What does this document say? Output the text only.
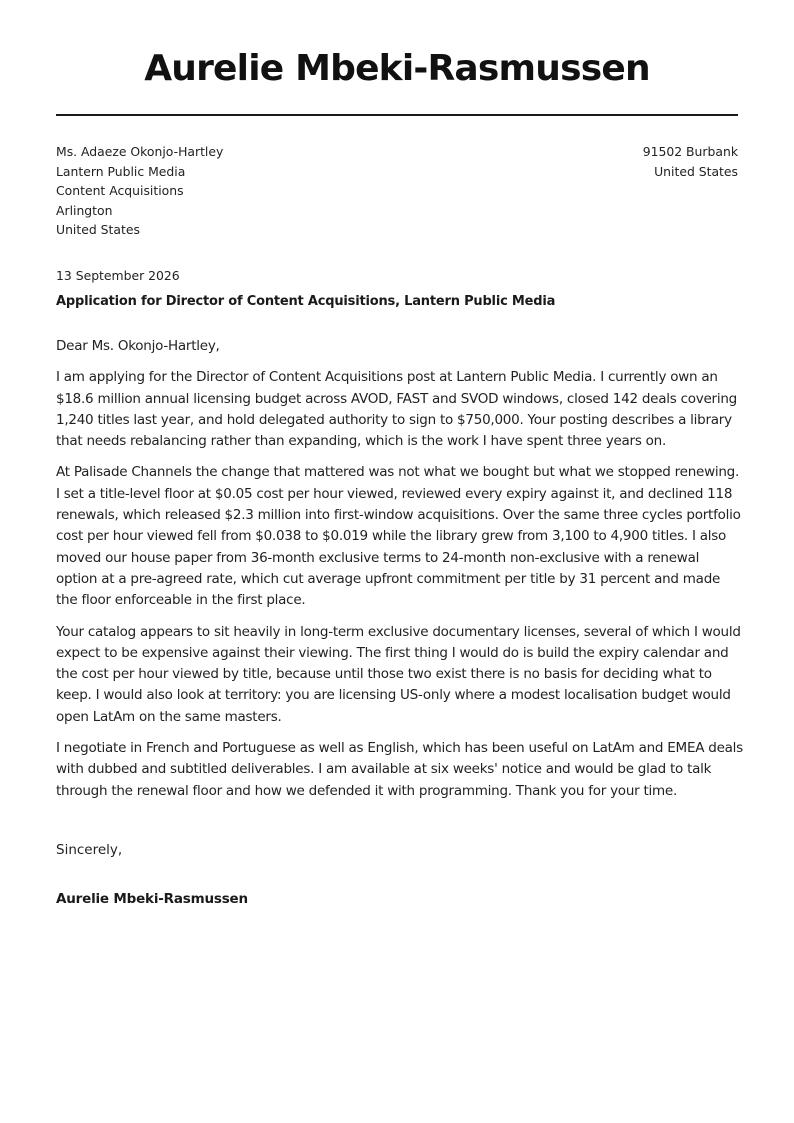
Aurelie Mbeki-Rasmussen
Ms. Adaeze Okonjo-Hartley
Lantern Public Media
Content Acquisitions
Arlington
United States
91502 Burbank
United States
13 September 2026
Application for Director of Content Acquisitions, Lantern Public Media

Dear Ms. Okonjo-Hartley,

I am applying for the Director of Content Acquisitions post at Lantern Public Media. I currently own an $18.6 million annual licensing budget across AVOD, FAST and SVOD windows, closed 142 deals covering 1,240 titles last year, and hold delegated authority to sign to $750,000. Your posting describes a library that needs rebalancing rather than expanding, which is the work I have spent three years on.

At Palisade Channels the change that mattered was not what we bought but what we stopped renewing. I set a title-level floor at $0.05 cost per hour viewed, reviewed every expiry against it, and declined 118 renewals, which released $2.3 million into first-window acquisitions. Over the same three cycles portfolio cost per hour viewed fell from $0.038 to $0.019 while the library grew from 3,100 to 4,900 titles. I also moved our house paper from 36-month exclusive terms to 24-month non-exclusive with a renewal option at a pre-agreed rate, which cut average upfront commitment per title by 31 percent and made the floor enforceable in the first place.

Your catalog appears to sit heavily in long-term exclusive documentary licenses, several of which I would expect to be expensive against their viewing. The first thing I would do is build the expiry calendar and the cost per hour viewed by title, because until those two exist there is no basis for deciding what to keep. I would also look at territory: you are licensing US-only where a modest localisation budget would open LatAm on the same masters.

I negotiate in French and Portuguese as well as English, which has been useful on LatAm and EMEA deals with dubbed and subtitled deliverables. I am available at six weeks' notice and would be glad to talk through the renewal floor and how we defended it with programming. Thank you for your time.

Sincerely,
Aurelie Mbeki-Rasmussen
